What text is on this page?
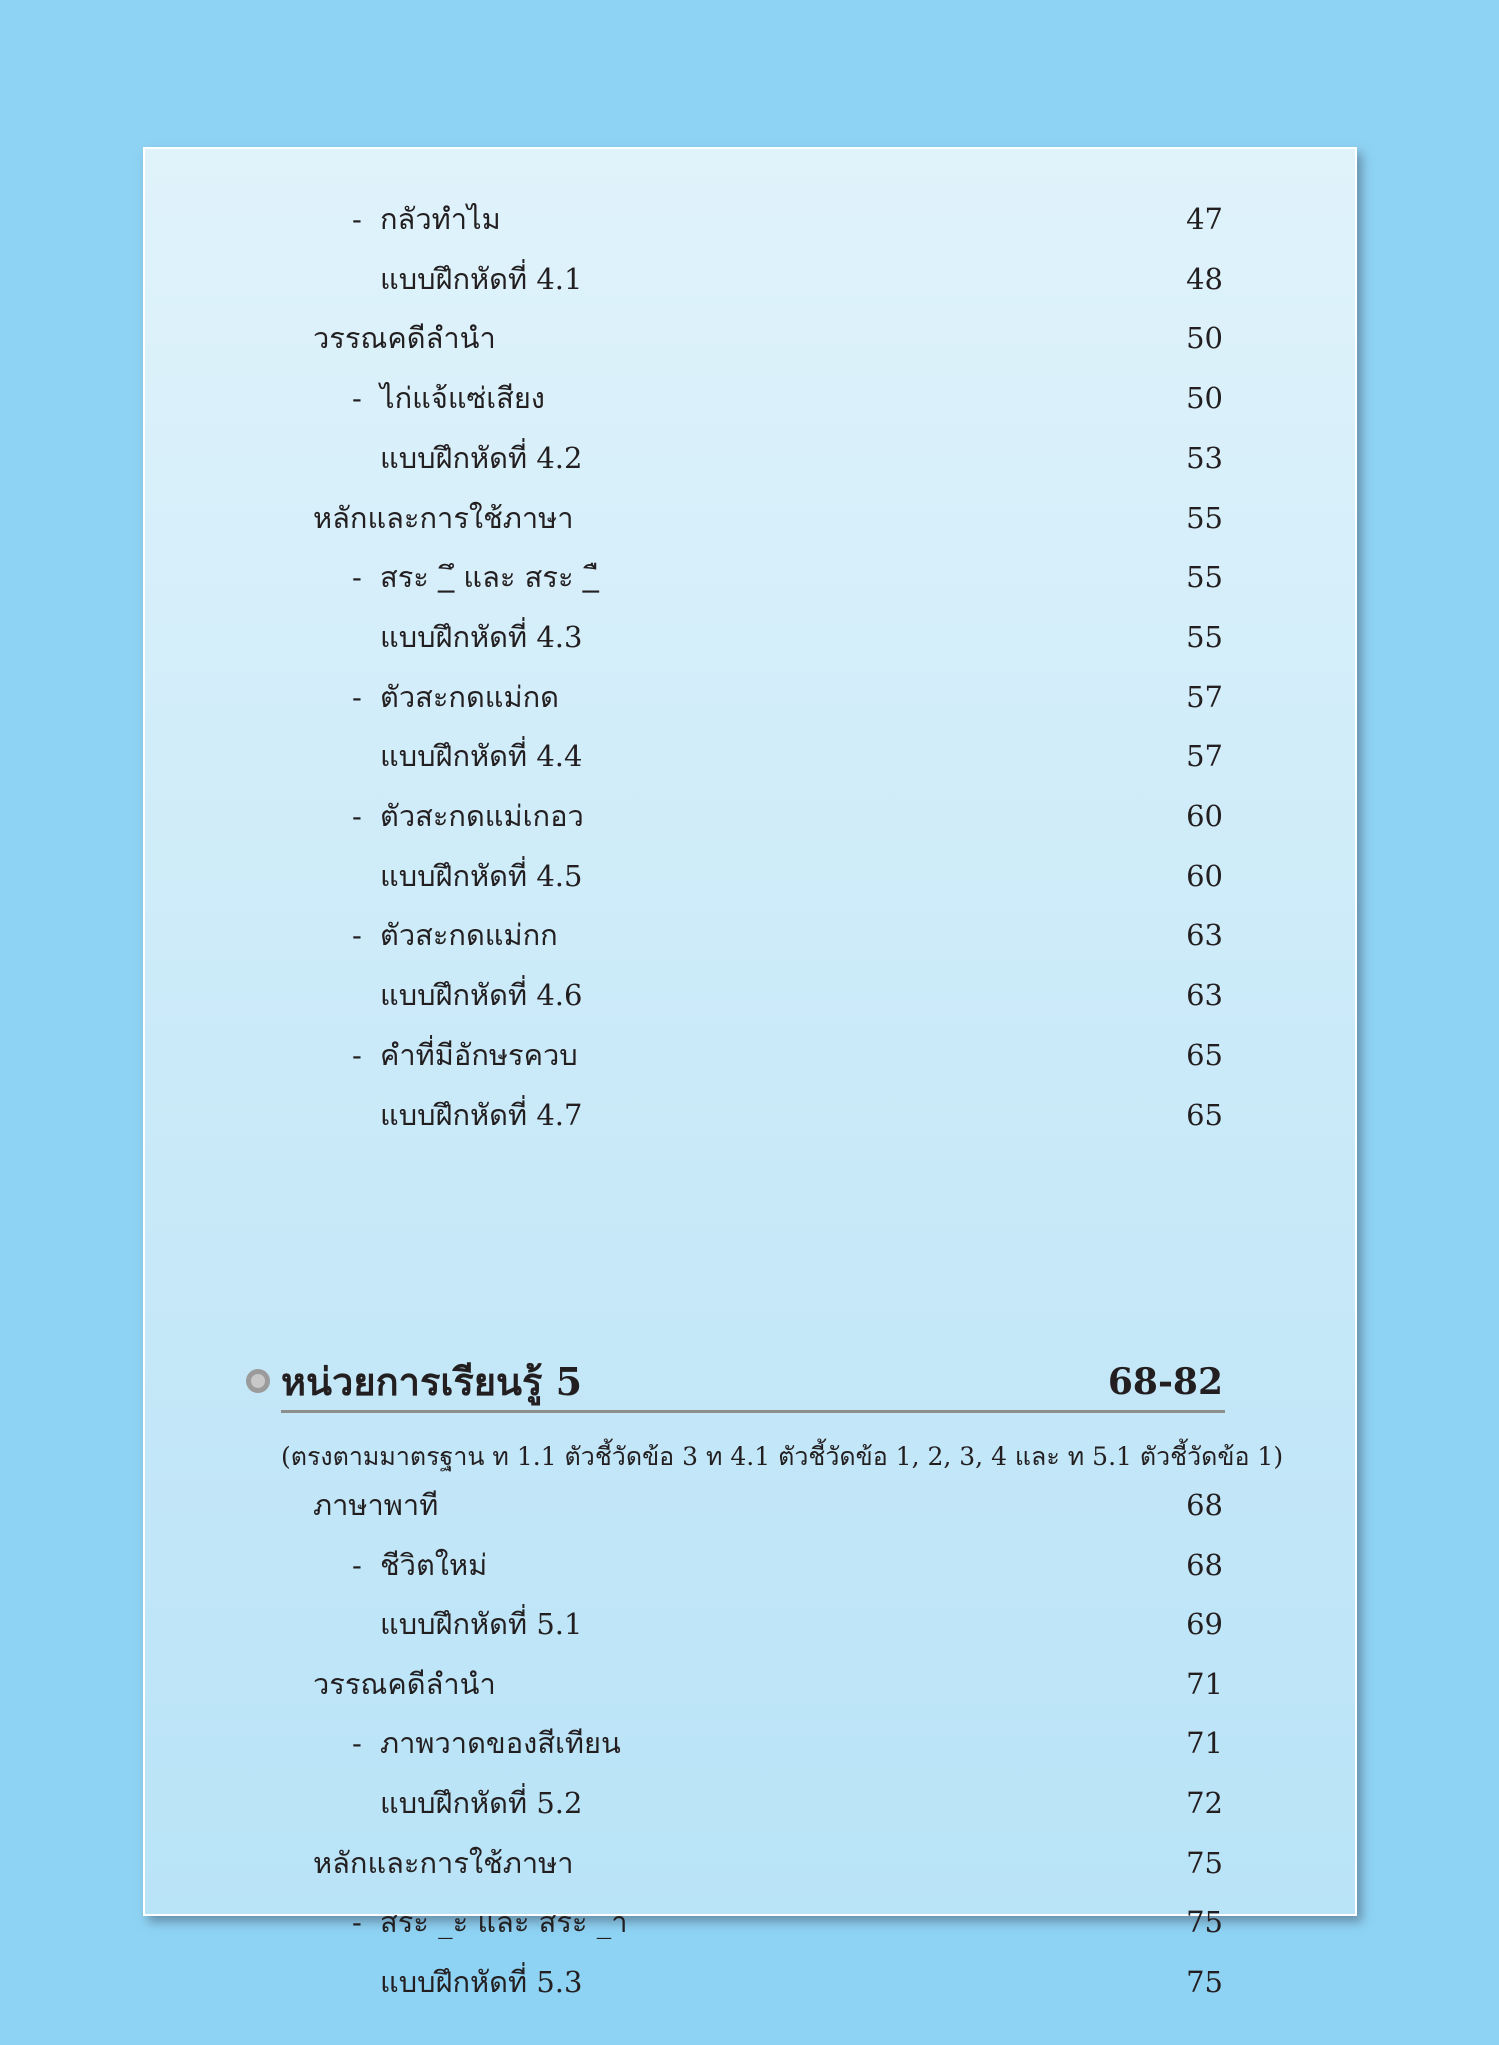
- กลัวทำไม	47
แบบฝึกหัดที่ 4.1	48
วรรณคดีลำนำ	50
- ไก่แจ้แซ่เสียง	50
แบบฝึกหัดที่ 4.2	53
หลักและการใช้ภาษา	55
- สระ _ึ และ สระ _ื	55
แบบฝึกหัดที่ 4.3	55
- ตัวสะกดแม่กด	57
แบบฝึกหัดที่ 4.4	57
- ตัวสะกดแม่เกอว	60
แบบฝึกหัดที่ 4.5	60
- ตัวสะกดแม่กก	63
แบบฝึกหัดที่ 4.6	63
- คำที่มีอักษรควบ	65
แบบฝึกหัดที่ 4.7	65
หน่วยการเรียนรู้ 5	68-82
(ตรงตามมาตรฐาน ท 1.1 ตัวชี้วัดข้อ 3 ท 4.1 ตัวชี้วัดข้อ 1, 2, 3, 4 และ ท 5.1 ตัวชี้วัดข้อ 1)
ภาษาพาที	68
- ชีวิตใหม่	68
แบบฝึกหัดที่ 5.1	69
วรรณคดีลำนำ	71
- ภาพวาดของสีเทียน	71
แบบฝึกหัดที่ 5.2	72
หลักและการใช้ภาษา	75
- สระ _ะ และ สระ _า	75
แบบฝึกหัดที่ 5.3	75
